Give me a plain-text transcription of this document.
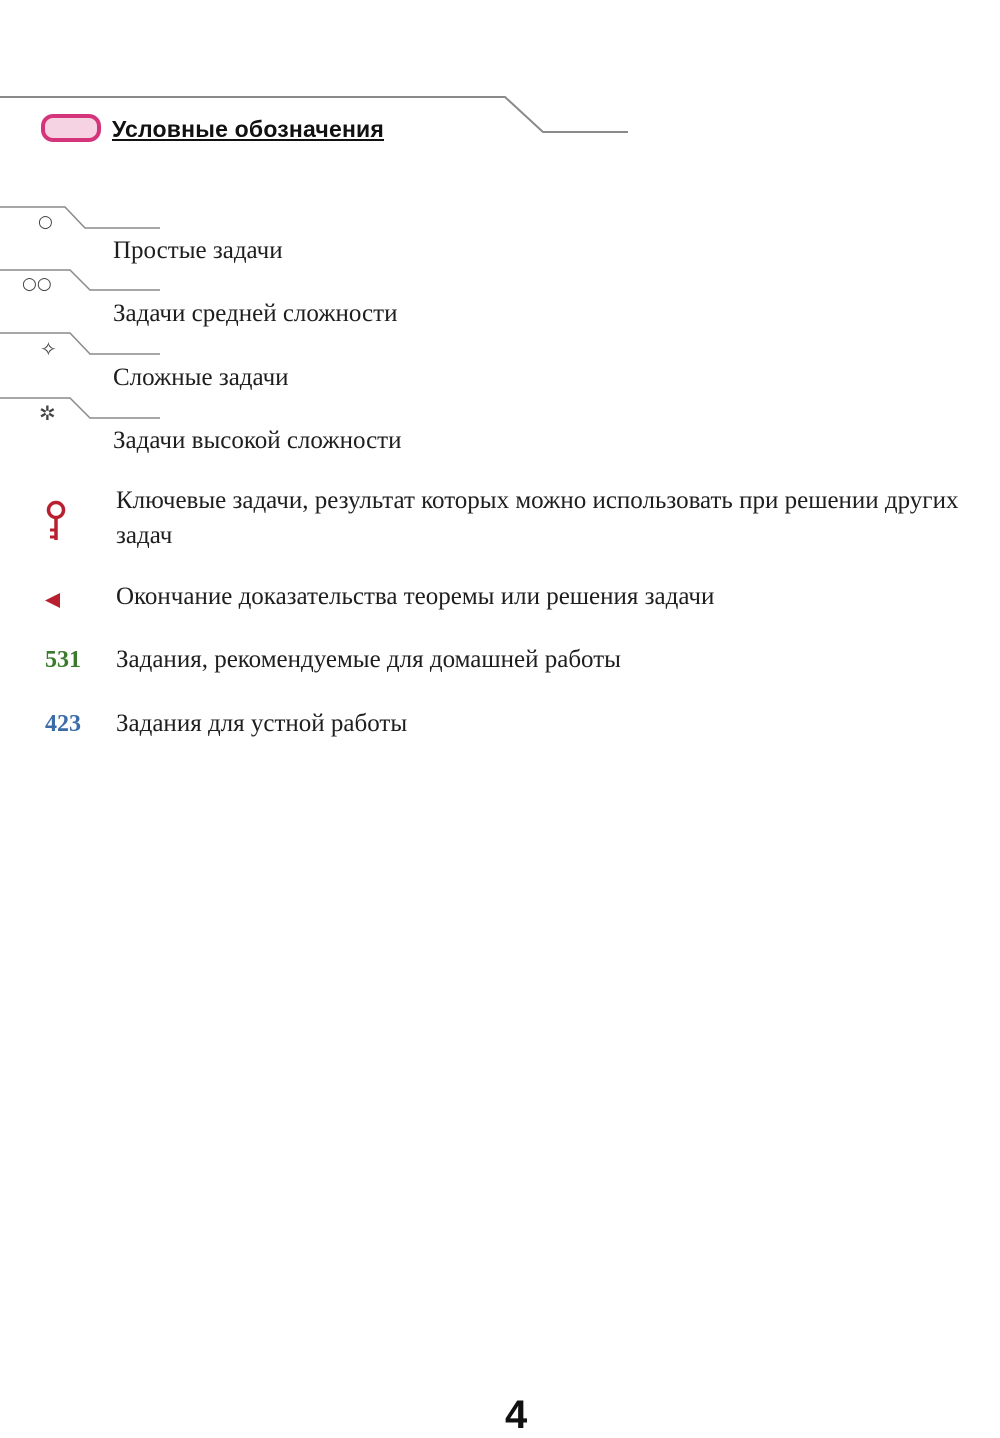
Условные обозначения
○
Простые задачи
○○
Задачи средней сложности
✧
Сложные задачи
✲
Задачи высокой сложности
Ключевые задачи, результат которых можно использовать при решении других задач
Окончание доказательства теоремы или решения задачи
531 Задания, рекомендуемые для домашней работы
423 Задания для устной работы
4
